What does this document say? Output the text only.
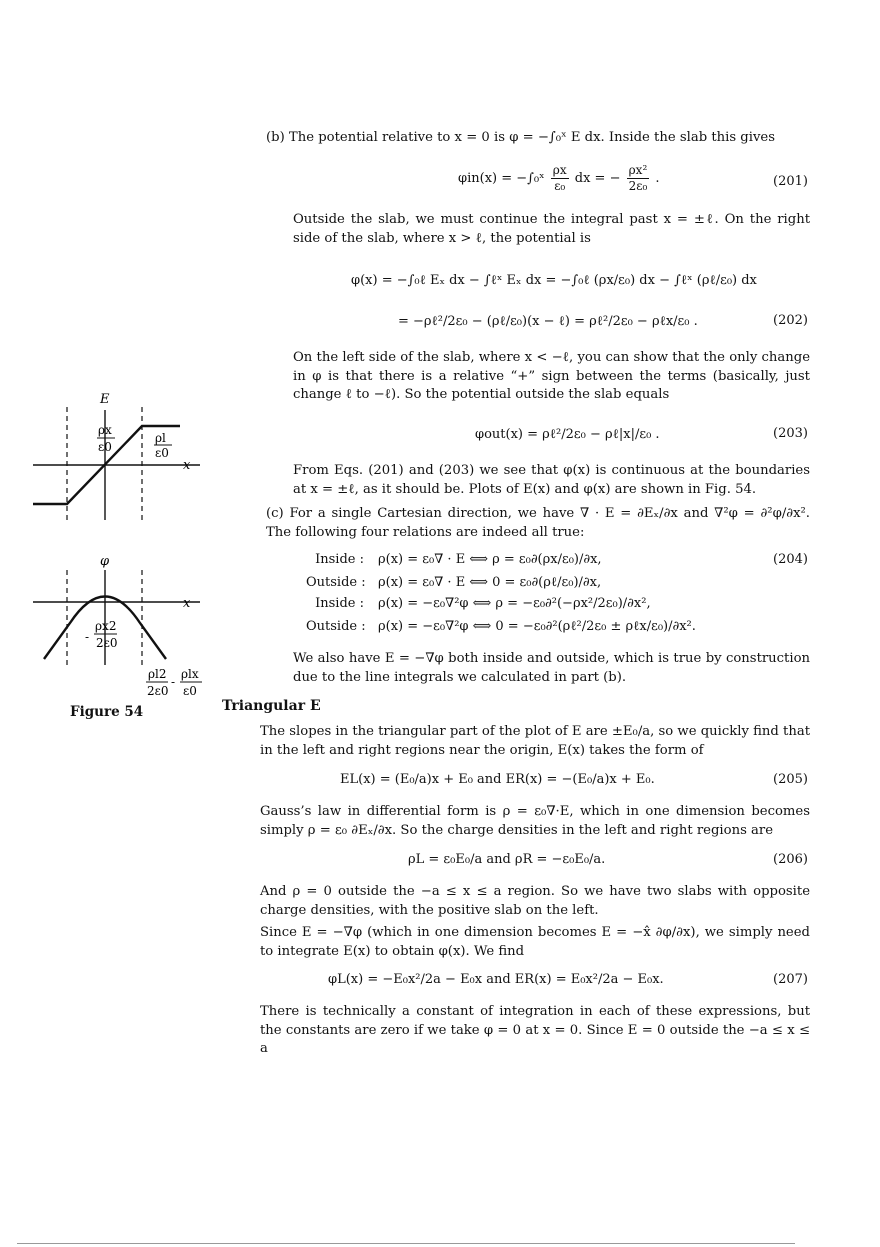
(b) The potential relative to x = 0 is φ = −∫₀ˣ E dx. Inside the slab this gives
φin(x) = −∫₀ˣ $\frac{\rho x}{\text{ε₀}}$ dx = − $\frac{\text{ρx²}}{\text{2ε₀}}$ .	(201)
Outside the slab, we must continue the integral past x = ±ℓ. On the right side of the slab, where x > ℓ, the potential is
φ(x) = −∫₀ℓ Eₓ dx − ∫ℓˣ Eₓ dx = −∫₀ℓ (ρx/ε₀) dx − ∫ℓˣ (ρℓ/ε₀) dx
= −ρℓ²/2ε₀ − (ρℓ/ε₀)(x − ℓ) = ρℓ²/2ε₀ − ρℓx/ε₀ .	(202)
On the left side of the slab, where x < −ℓ, you can show that the only change in φ is that there is a relative “+” sign between the terms (basically, just change ℓ to −ℓ). So the potential outside the slab equals
φout(x) = ρℓ²/2ε₀ − ρℓ|x|/ε₀ .	(203)
From Eqs. (201) and (203) we see that φ(x) is continuous at the boundaries at x = ±ℓ, as it should be. Plots of E(x) and φ(x) are shown in Fig. 54.
(c) For a single Cartesian direction, we have ∇ · E = ∂Eₓ/∂x and ∇²φ = ∂²φ/∂x². The following four relations are indeed all true:
Inside : ρ(x) = ε₀∇ · E ⟺ ρ = ε₀∂(ρx/ε₀)/∂x,	(204)
Outside : ρ(x) = ε₀∇ · E ⟺ 0 = ε₀∂(ρℓ/ε₀)/∂x,
Inside : ρ(x) = −ε₀∇²φ ⟺ ρ = −ε₀∂²(−ρx²/2ε₀)/∂x²,
Outside : ρ(x) = −ε₀∇²φ ⟺ 0 = −ε₀∂²(ρℓ²/2ε₀ ± ρℓx/ε₀)/∂x².
We also have E = −∇φ both inside and outside, which is true by construction due to the line integrals we calculated in part (b).
Triangular E
The slopes in the triangular part of the plot of E are ±E₀/a, so we quickly find that in the left and right regions near the origin, E(x) takes the form of
EL(x) = (E₀/a)x + E₀ and ER(x) = −(E₀/a)x + E₀.	(205)
Gauss’s law in differential form is ρ = ε₀∇·E, which in one dimension becomes simply ρ = ε₀ ∂Eₓ/∂x. So the charge densities in the left and right regions are
ρL = ε₀E₀/a and ρR = −ε₀E₀/a.	(206)
And ρ = 0 outside the −a ≤ x ≤ a region. So we have two slabs with opposite charge densities, with the positive slab on the left.
Since E = −∇φ (which in one dimension becomes E = −x̂ ∂φ/∂x), we simply need to integrate E(x) to obtain φ(x). We find
φL(x) = −E₀x²/2a − E₀x and ER(x) = E₀x²/2a − E₀x.	(207)
There is technically a constant of integration in each of these expressions, but the constants are zero if we take φ = 0 at x = 0. Since E = 0 outside the −a ≤ x ≤ a
E
x
ρx
ε0
ρl
ε0
φ
x
-
ρx2
2ε0
ρl2
2ε0
-
ρlx
ε0
Figure 54
